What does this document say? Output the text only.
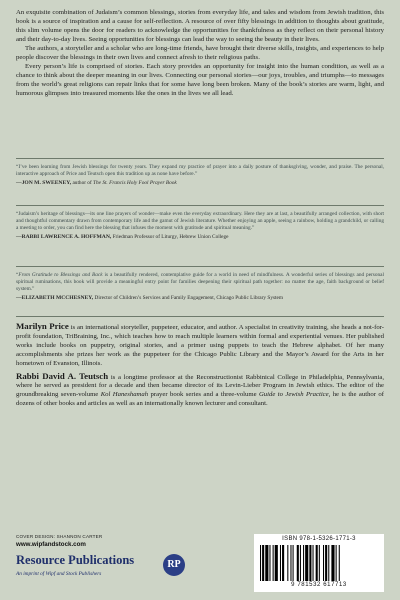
An exquisite combination of Judaism’s common blessings, stories from everyday life, and tales and wisdom from Jewish tradition, this book is a source of inspiration and a cause for self-reflection. A resource of over fifty blessings in addition to thoughts about gratitude, this slim volume opens the door for readers to acknowledge the opportunities for thankfulness as they reflect on their personal history and their day-to-day lives. Seeing opportunities for blessings can lead the way to seeing the beauty in their lives.

The authors, a storyteller and a scholar who are long-time friends, have brought their diverse skills, insights, and experiences to help people discover the blessings in their own lives and connect afresh to their religious paths.

Every person’s life is comprised of stories. Each story provides an opportunity for insight into the human condition, as well as a chance to think about the deeper meaning in our lives. Connecting our personal stories—our joys, troubles, and triumphs—to messages from the world’s great religions can repair links that for some have long been broken. Many of the book’s stories are warm, light, and humorous glimpses into treasured moments like the ones in the lives we all lead.

“I’ve been learning from Jewish blessings for twenty years. They expand my practice of prayer into a daily posture of thanksgiving, wonder, and praise. The personal, interactive approach of Price and Teutsch open this tradition up as none have before.”

—JON M. SWEENEY, author of The St. Francis Holy Fool Prayer Book

“Judaism’s heritage of blessings—its one line prayers of wonder—make even the everyday extraordinary. Here they are at last, a beautifully arranged collection, with short and thoughtful commentary drawn from contemporary life and the gamut of Jewish literature. Whether enjoying an apple, seeing a rainbow, holding a grandchild, or calling a meeting to order, you can find here the blessing that infuses the moment with gratitude and spiritual meaning.”

—RABBI LAWRENCE A. HOFFMAN, Friedman Professor of Liturgy, Hebrew Union College

“From Gratitude to Blessings and Back is a beautifully rendered, contemplative guide for a world in need of mindfulness. A wonderful series of blessings and personal spiritual ruminations, this book will provide a meaningful entry point for families deepening their spiritual path together: no matter the age, faith background or belief system.”

—ELIZABETH MCCHESNEY, Director of Children’s Services and Family Engagement, Chicago Public Library System

Marilyn Price is an international storyteller, puppeteer, educator, and author. A specialist in creativity training, she heads a not-for-profit foundation, TriBraining, Inc., which teaches how to reach multiple learners within formal and experiential venues. Her published works include books on puppetry, original stories, and a primer using puppets to teach the Hebrew alphabet. Of her many accomplishments she prizes her work as the puppeteer for the Chicago Public Library and the Mayor’s Award for the Arts in her hometown of Evanston, Illinois.

Rabbi David A. Teutsch is a longtime professor at the Reconstructionist Rabbinical College in Philadelphia, Pennsylvania, where he served as president for a decade and then became director of its Levin-Lieber Program in Jewish ethics. The editor of the groundbreaking seven-volume Kol Haneshamah prayer book series and a three-volume Guide to Jewish Practice, he is the author of dozens of other books and articles as well as an internationally known lecturer and consultant.

COVER DESIGN: SHANNON CARTER
www.wipfandstock.com
Resource Publications
An imprint of Wipf and Stock Publishers
RP
ISBN 978-1-5326-1771-3
9 781532 617713
